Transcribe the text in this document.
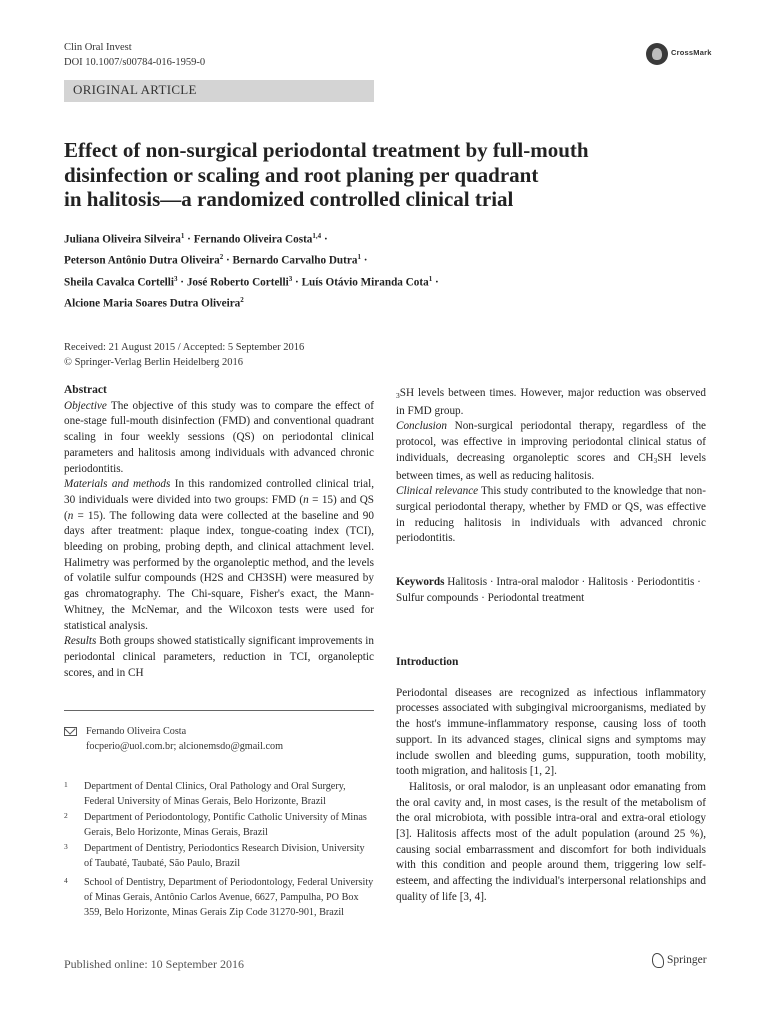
Clin Oral Invest
DOI 10.1007/s00784-016-1959-0
CrossMark
ORIGINAL ARTICLE
Effect of non-surgical periodontal treatment by full-mouth
disinfection or scaling and root planing per quadrant
in halitosis—a randomized controlled clinical trial
Juliana Oliveira Silveira$^1$ · Fernando Oliveira Costa$^{1,4}$ ·
Peterson Antônio Dutra Oliveira$^2$ · Bernardo Carvalho Dutra$^1$ ·
Sheila Cavalca Cortelli$^3$ · José Roberto Cortelli$^3$ · Luís Otávio Miranda Cota$^1$ ·
Alcione Maria Soares Dutra Oliveira$^2$
Received: 21 August 2015 / Accepted: 5 September 2016
© Springer-Verlag Berlin Heidelberg 2016
Abstract
Objective The objective of this study was to compare the effect of one-stage full-mouth disinfection (FMD) and conventional quadrant scaling in four weekly sessions (QS) on periodontal clinical parameters and halitosis among individuals with advanced chronic periodontitis.
Materials and methods In this randomized controlled clinical trial, 30 individuals were divided into two groups: FMD (n = 15) and QS (n = 15). The following data were collected at the baseline and 90 days after treatment: plaque index, tongue-coating index (TCI), bleeding on probing, probing depth, and clinical attachment level. Halimetry was performed by the organoleptic method, and the levels of volatile sulfur compounds (H2S and CH3SH) were measured by gas chromatography. The Chi-square, Fisher's exact, the Mann-Whitney, the McNemar, and the Wilcoxon tests were used for statistical analysis.
Results Both groups showed statistically significant improvements in periodontal clinical parameters, reduction in TCI, organoleptic scores, and in CH
$_3$SH levels between times. However, major reduction was observed in FMD group.
Conclusion Non-surgical periodontal therapy, regardless of the protocol, was effective in improving periodontal clinical status of individuals, decreasing organoleptic scores and $CH_3SH$ levels between times, as well as reducing halitosis.
Clinical relevance This study contributed to the knowledge that non-surgical periodontal therapy, whether by FMD or QS, was effective in reducing halitosis in individuals with advanced chronic periodontitis.
Keywords Halitosis · Intra-oral malodor · Halitosis · Periodontitis · Sulfur compounds · Periodontal treatment
Introduction
Periodontal diseases are recognized as infectious inflammatory processes associated with subgingival microorganisms, mediated by the host's immune-inflammatory response, causing loss of tooth support. In its advanced stages, clinical signs and symptoms may include swollen and bleeding gums, suppuration, tooth mobility, tooth migration, and halitosis [1, 2].
Halitosis, or oral malodor, is an unpleasant odor emanating from the oral cavity and, in most cases, is the result of the metabolism of the oral microbiota, with possible intra-oral and extra-oral etiology [3]. Halitosis affects most of the adult population (around 25 %), causing social embarrassment and discomfort for both individuals with this condition and people around them, triggering low self-esteem, and affecting the individual's interpersonal relationships and quality of life [3, 4].
Fernando Oliveira Costa
focperio@uol.com.br; alcionemsdo@gmail.com
1 Department of Dental Clinics, Oral Pathology and Oral Surgery, Federal University of Minas Gerais, Belo Horizonte, Brazil
2 Department of Periodontology, Pontific Catholic University of Minas Gerais, Belo Horizonte, Minas Gerais, Brazil
3 Department of Dentistry, Periodontics Research Division, University of Taubaté, Taubaté, São Paulo, Brazil
4 School of Dentistry, Department of Periodontology, Federal University of Minas Gerais, Antônio Carlos Avenue, 6627, Pampulha, PO Box 359, Belo Horizonte, Minas Gerais Zip Code 31270-901, Brazil
Published online: 10 September 2016	Springer
